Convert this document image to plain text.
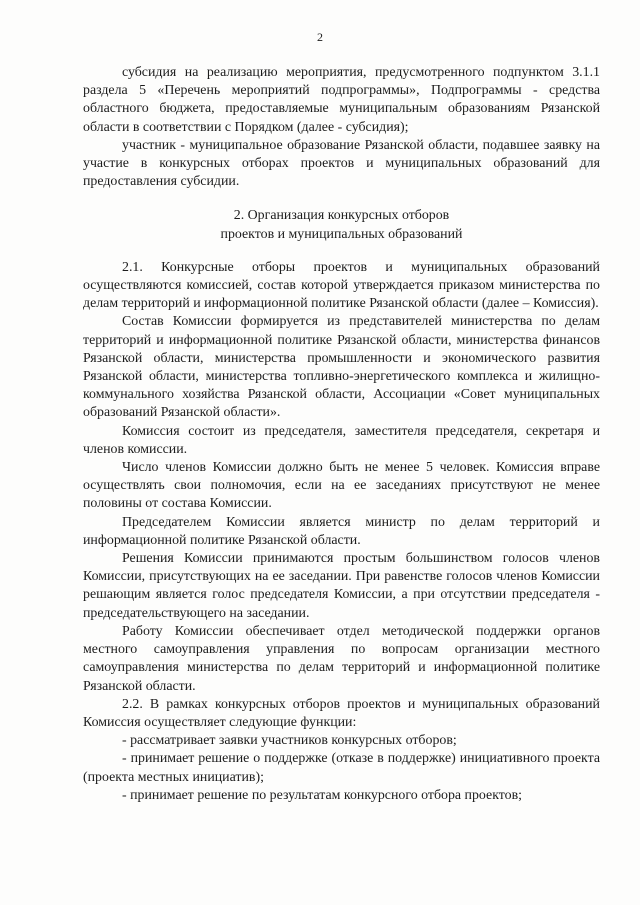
2

субсидия на реализацию мероприятия, предусмотренного подпунктом 3.1.1 раздела 5 «Перечень мероприятий подпрограммы», Подпрограммы - средства областного бюджета, предоставляемые муниципальным образованиям Рязанской области в соответствии с Порядком (далее - субсидия);

участник - муниципальное образование Рязанской области, подавшее заявку на участие в конкурсных отборах проектов и муниципальных образований для предоставления субсидии.

2. Организация конкурсных отборов
проектов и муниципальных образований

2.1. Конкурсные отборы проектов и муниципальных образований осуществляются комиссией, состав которой утверждается приказом министерства по делам территорий и информационной политике Рязанской области (далее – Комиссия).

Состав Комиссии формируется из представителей министерства по делам территорий и информационной политике Рязанской области, министерства финансов Рязанской области, министерства промышленности и экономического развития Рязанской области, министерства топливно-энергетического комплекса и жилищно-коммунального хозяйства Рязанской области, Ассоциации «Совет муниципальных образований Рязанской области».

Комиссия состоит из председателя, заместителя председателя, секретаря и членов комиссии.

Число членов Комиссии должно быть не менее 5 человек. Комиссия вправе осуществлять свои полномочия, если на ее заседаниях присутствуют не менее половины от состава Комиссии.

Председателем Комиссии является министр по делам территорий и информационной политике Рязанской области.

Решения Комиссии принимаются простым большинством голосов членов Комиссии, присутствующих на ее заседании. При равенстве голосов членов Комиссии решающим является голос председателя Комиссии, а при отсутствии председателя - председательствующего на заседании.

Работу Комиссии обеспечивает отдел методической поддержки органов местного самоуправления управления по вопросам организации местного самоуправления министерства по делам территорий и информационной политике Рязанской области.

2.2. В рамках конкурсных отборов проектов и муниципальных образований Комиссия осуществляет следующие функции:

- рассматривает заявки участников конкурсных отборов;

- принимает решение о поддержке (отказе в поддержке) инициативного проекта (проекта местных инициатив);

- принимает решение по результатам конкурсного отбора проектов;
